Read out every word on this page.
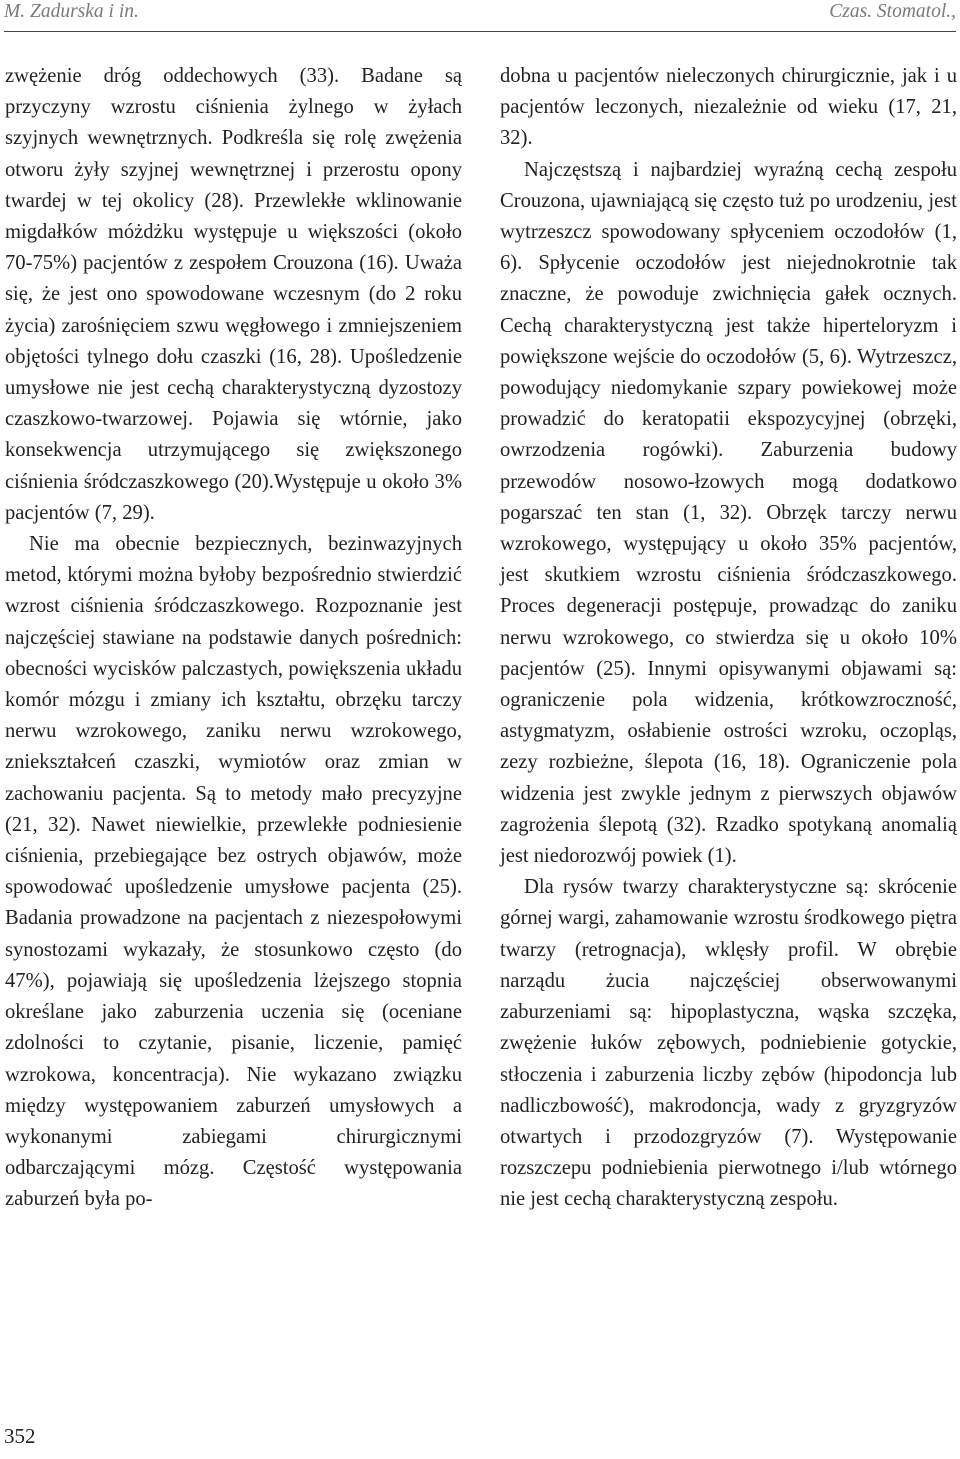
M. Zadurska i in.	Czas. Stomatol.,

zwężenie dróg oddechowych (33). Badane są przyczyny wzrostu ciśnienia żylnego w żyłach szyjnych wewnętrznych. Podkreśla się rolę zwężenia otworu żyły szyjnej wewnętrznej i przerostu opony twardej w tej okolicy (28). Przewlekłe wklinowanie migdałków móżdżku występuje u większości (około 70-75%) pacjentów z zespołem Crouzona (16). Uważa się, że jest ono spowodowane wczesnym (do 2 roku życia) zarośnięciem szwu węgłowego i zmniejszeniem objętości tylnego dołu czaszki (16, 28). Upośledzenie umysłowe nie jest cechą charakterystyczną dyzostozy czaszkowo-twarzowej. Pojawia się wtórnie, jako konsekwencja utrzymującego się zwiększonego ciśnienia śródczaszkowego (20).Występuje u około 3% pacjentów (7, 29).

Nie ma obecnie bezpiecznych, bezinwazyjnych metod, którymi można byłoby bezpośrednio stwierdzić wzrost ciśnienia śródczaszkowego. Rozpoznanie jest najczęściej stawiane na podstawie danych pośrednich: obecności wycisków palczastych, powiększenia układu komór mózgu i zmiany ich kształtu, obrzęku tarczy nerwu wzrokowego, zaniku nerwu wzrokowego, zniekształceń czaszki, wymiotów oraz zmian w zachowaniu pacjenta. Są to metody mało precyzyjne (21, 32). Nawet niewielkie, przewlekłe podniesienie ciśnienia, przebiegające bez ostrych objawów, może spowodować upośledzenie umysłowe pacjenta (25). Badania prowadzone na pacjentach z niezespołowymi synostozami wykazały, że stosunkowo często (do 47%), pojawiają się upośledzenia lżejszego stopnia określane jako zaburzenia uczenia się (oceniane zdolności to czytanie, pisanie, liczenie, pamięć wzrokowa, koncentracja). Nie wykazano związku między występowaniem zaburzeń umysłowych a wykonanymi zabiegami chirurgicznymi odbarczającymi mózg. Częstość występowania zaburzeń była po-

dobna u pacjentów nieleczonych chirurgicznie, jak i u pacjentów leczonych, niezależnie od wieku (17, 21, 32).

Najczęstszą i najbardziej wyraźną cechą zespołu Crouzona, ujawniającą się często tuż po urodzeniu, jest wytrzeszcz spowodowany spłyceniem oczodołów (1, 6). Spłycenie oczodołów jest niejednokrotnie tak znaczne, że powoduje zwichnięcia gałek ocznych. Cechą charakterystyczną jest także hiperteloryzm i powiększone wejście do oczodołów (5, 6). Wytrzeszcz, powodujący niedomykanie szpary powiekowej może prowadzić do keratopatii ekspozycyjnej (obrzęki, owrzodzenia rogówki). Zaburzenia budowy przewodów nosowo-łzowych mogą dodatkowo pogarszać ten stan (1, 32). Obrzęk tarczy nerwu wzrokowego, występujący u około 35% pacjentów, jest skutkiem wzrostu ciśnienia śródczaszkowego. Proces degeneracji postępuje, prowadząc do zaniku nerwu wzrokowego, co stwierdza się u około 10% pacjentów (25). Innymi opisywanymi objawami są: ograniczenie pola widzenia, krótkowzroczność, astygmatyzm, osłabienie ostrości wzroku, oczopląs, zezy rozbieżne, ślepota (16, 18). Ograniczenie pola widzenia jest zwykle jednym z pierwszych objawów zagrożenia ślepotą (32). Rzadko spotykaną anomalią jest niedorozwój powiek (1).

Dla rysów twarzy charakterystyczne są: skrócenie górnej wargi, zahamowanie wzrostu środkowego piętra twarzy (retrognacja), wklęsły profil. W obrębie narządu żucia najczęściej obserwowanymi zaburzeniami są: hipoplastyczna, wąska szczęka, zwężenie łuków zębowych, podniebienie gotyckie, stłoczenia i zaburzenia liczby zębów (hipodoncja lub nadliczbowość), makrodoncja, wady z gryzgryzów otwartych i przodozgryzów (7). Występowanie rozszczepu podniebienia pierwotnego i/lub wtórnego nie jest cechą charakterystyczną zespołu.

352
